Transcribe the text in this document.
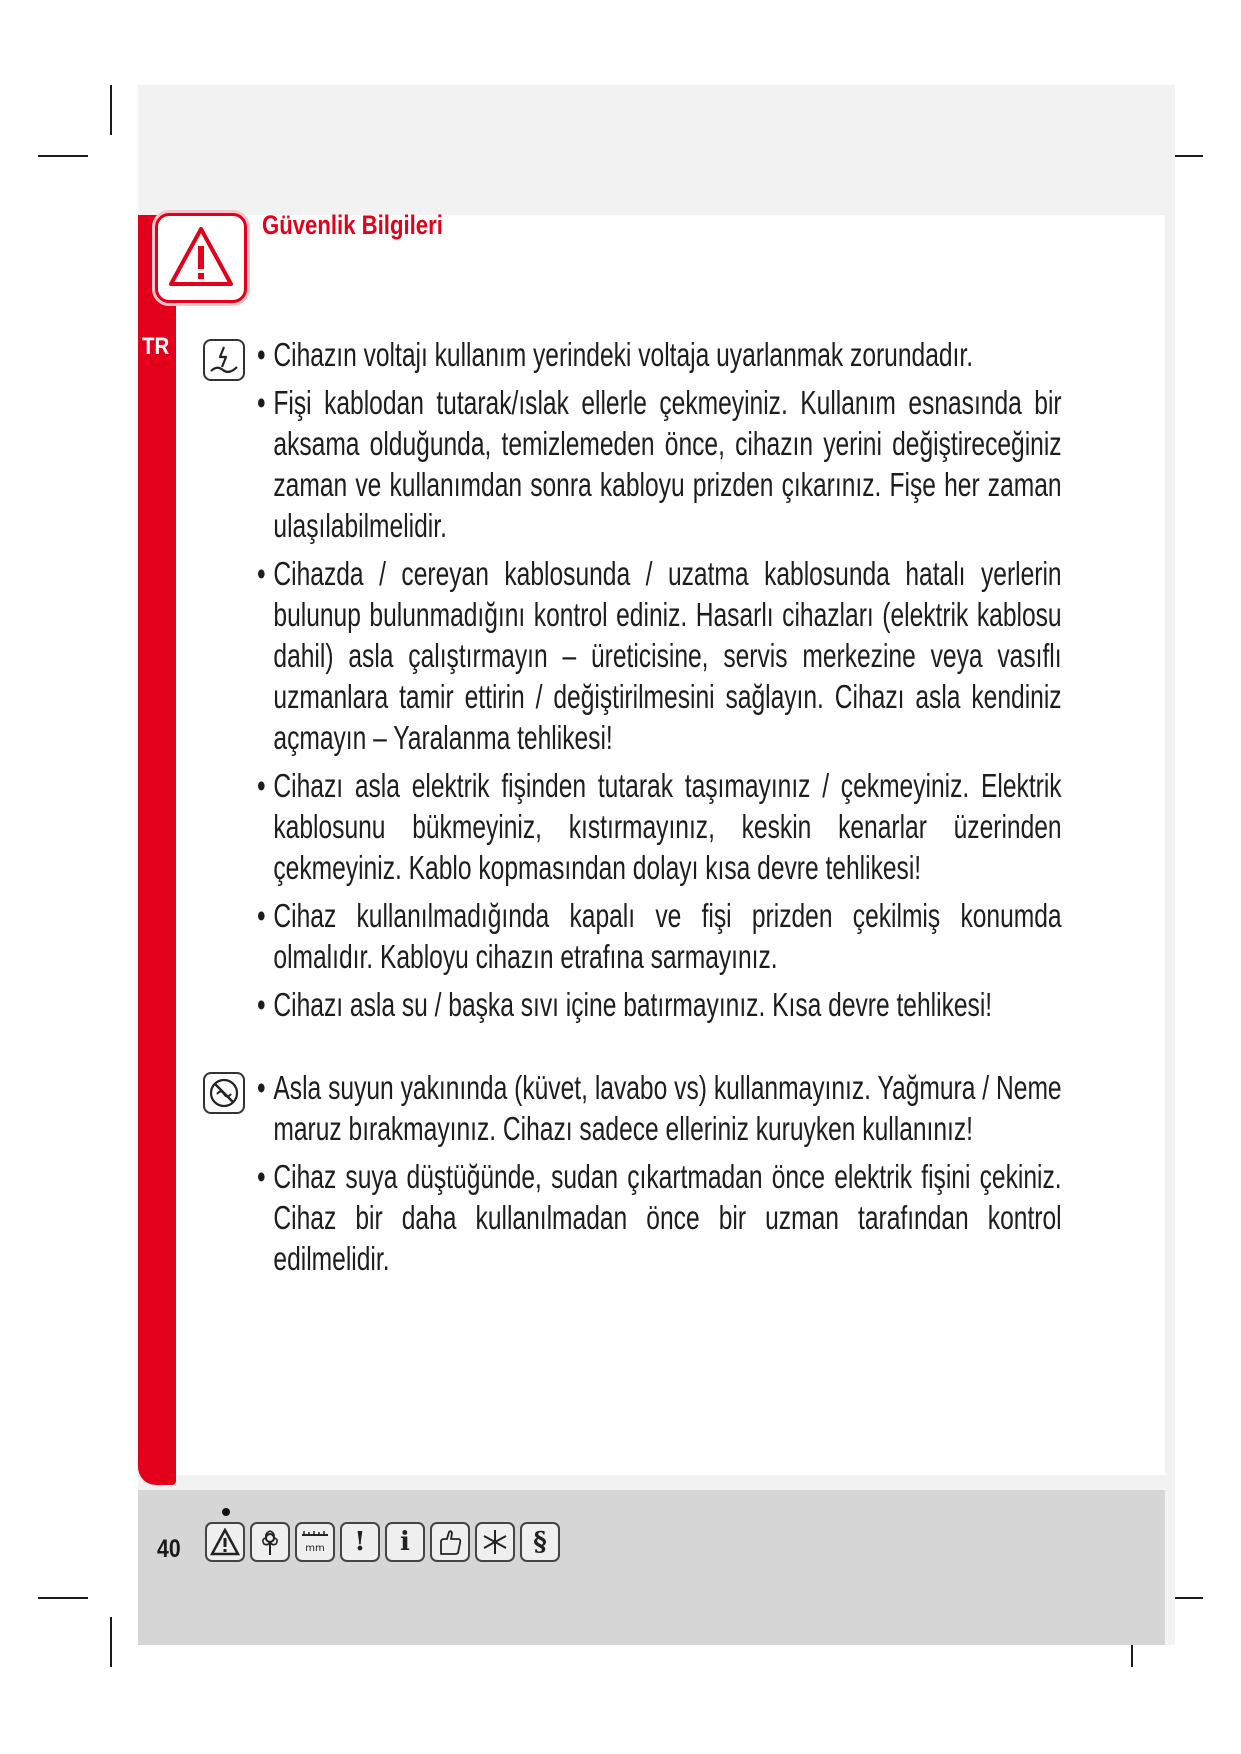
Güvenlik Bilgileri
TR
•	Cihazın voltajı kullanım yerindeki voltaja uyarlanmak zorundadır.
• Fişi kablodan tutarak/ıslak ellerle çekmeyiniz. Kullanım esnasında bir aksama olduğunda, temizlemeden önce, cihazın yerini değiştireceğiniz zaman ve kullanımdan sonra kabloyu prizden çıkarınız. Fişe her zaman ulaşılabilmelidir.
• Cihazda / cereyan kablosunda / uzatma kablosunda hatalı yerlerin bulunup bulunmadığını kontrol ediniz. Hasarlı cihazları (elektrik kablosu dahil) asla çalıştırmayın – üreticisine, servis merkezine veya vasıflı uzmanlara tamir ettirin / değiştirilmesini sağlayın. Cihazı asla kendiniz açmayın – Yaralanma tehlikesi!
• Cihazı asla elektrik fişinden tutarak taşımayınız / çekmeyiniz. Elektrik kablosunu bükmeyiniz, kıstırmayınız, keskin kenarlar üzerinden çekmeyiniz. Kablo kopmasından dolayı kısa devre tehlikesi!
• Cihaz kullanılmadığında kapalı ve fişi prizden çekilmiş konumda olmalıdır. Kabloyu cihazın etrafına sarmayınız.
• Cihazı asla su / başka sıvı içine batırmayınız. Kısa devre tehlikesi!
• Asla suyun yakınında (küvet, lavabo vs) kullanmayınız. Yağmura / Neme maruz bırakmayınız. Cihazı sadece elleriniz kuruyken kullanınız!
• Cihaz suya düştüğünde, sudan çıkartmadan önce elektrik fişini çekiniz. Cihaz bir daha kullanılmadan önce bir uzman tarafından kontrol edilmelidir.
40	mm ! i	§
